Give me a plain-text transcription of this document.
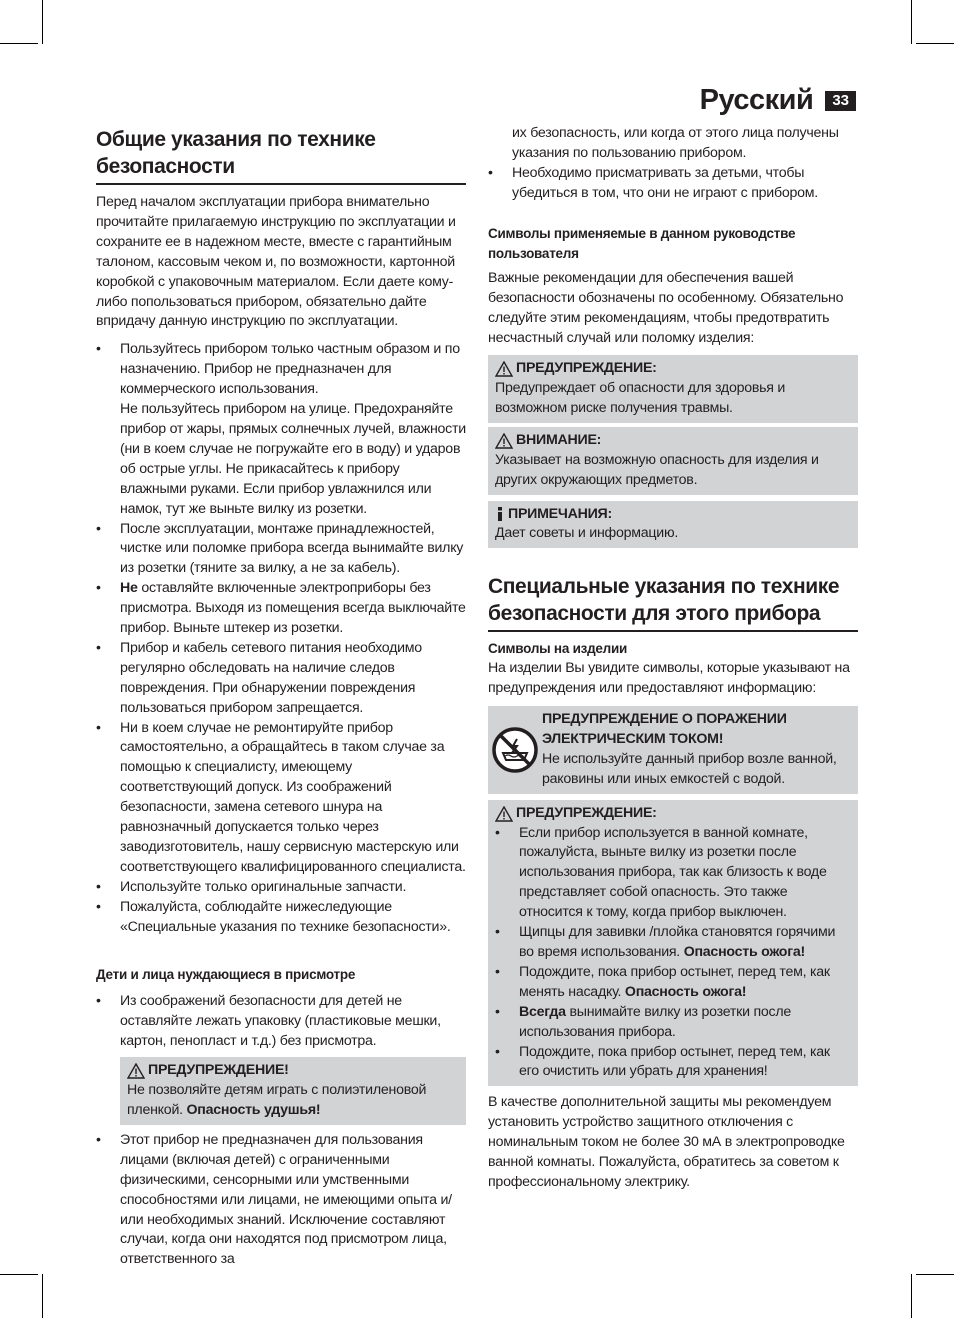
Русский	33
Общие указания по технике безопасности

Перед началом эксплуатации прибора внимательно прочитайте прилагаемую инструкцию по эксплуатации и сохраните ее в надежном месте, вместе с гарантийным талоном, кассовым чеком и, по возможности, картонной коробкой с упаковочным материалом. Если даете кому-либо попользоваться прибором, обязательно дайте впридачу данную инструкцию по эксплуатации.

• Пользуйтесь прибором только частным образом и по назначению. Прибор не предназначен для коммерческого использования.
Не пользуйтесь прибором на улице. Предохраняйте прибор от жары, прямых солнечных лучей, влажности (ни в коем случае не погружайте его в воду) и ударов об острые углы. Не прикасайтесь к прибору влажными руками. Если прибор увлажнился или намок, тут же выньте вилку из розетки.
• После эксплуатации, монтаже принадлежностей, чистке или поломке прибора всегда вынимайте вилку из розетки (тяните за вилку, а не за кабель).
• Не оставляйте включенные электроприборы без присмотра. Выходя из помещения всегда выключайте прибор. Выньте штекер из розетки.
• Прибор и кабель сетевого питания необходимо регулярно обследовать на наличие следов повреждения. При обнаружении повреждения пользоваться прибором запрещается.
• Ни в коем случае не ремонтируйте прибор самостоятельно, а обращайтесь в таком случае за помощью к специалисту, имеющему соответствующий допуск. Из соображений безопасности, замена сетевого шнура на равнозначный допускается только через заводизготовитель, нашу сервисную мастерскую или соответствующего квалифицированного специалиста.
• Используйте только оригинальные запчасти.
• Пожалуйста, соблюдайте нижеследующие «Специальные указания по технике безопасности».
Дети и лица нуждающиеся в присмотре
• Из соображений безопасности для детей не оставляйте лежать упаковку (пластиковые мешки, картон, пенопласт и т.д.) без присмотра.
ПРЕДУПРЕЖДЕНИЕ!
Не позволяйте детям играть с полиэтиленовой пленкой. Опасность удушья!
• Этот прибор не предназначен для пользования лицами (включая детей) с ограниченными физическими, сенсорными или умственными способностями или лицами, не имеющими опыта и/или необходимых знаний. Исключение составляют случаи, когда они находятся под присмотром лица, ответственного за

их безопасность, или когда от этого лица получены указания по пользованию прибором.

• Необходимо присматривать за детьми, чтобы убедиться в том, что они не играют с прибором.
Символы применяемые в данном руководстве пользователя

Важные рекомендации для обеспечения вашей безопасности обозначены по особенному. Обязательно следуйте этим рекомендациям, чтобы предотвратить несчастный случай или поломку изделия:

ПРЕДУПРЕЖДЕНИЕ:
Предупреждает об опасности для здоровья и возможном риске получения травмы.
ВНИМАНИЕ:
Указывает на возможную опасность для изделия и других окружающих предметов.
ПРИМЕЧАНИЯ:
Дает советы и информацию.
Специальные указания по технике безопасности для этого прибора
Символы на изделии

На изделии Вы увидите символы, которые указывают на предупреждения или предоставляют информацию:

ПРЕДУПРЕЖДЕНИЕ О ПОРАЖЕНИИ ЭЛЕКТРИЧЕСКИМ ТОКОМ!
Не используйте данный прибор возле ванной, раковины или иных емкостей с водой.
ПРЕДУПРЕЖДЕНИЕ:
• Если прибор используется в ванной комнате, пожалуйста, выньте вилку из розетки после использования прибора, так как близость к воде представляет собой опасность. Это также относится к тому, когда прибор выключен.
• Щипцы для завивки /плойка становятся горячими во время использования. Опасность ожога!
• Подождите, пока прибор остынет, перед тем, как менять насадку. Опасность ожога!
• Всегда вынимайте вилку из розетки после использования прибора.
• Подождите, пока прибор остынет, перед тем, как его очистить или убрать для хранения!

В качестве дополнительной защиты мы рекомендуем установить устройство защитного отключения с номинальным током не более 30 мА в электропроводке ванной комнаты. Пожалуйста, обратитесь за советом к профессиональному электрику.
